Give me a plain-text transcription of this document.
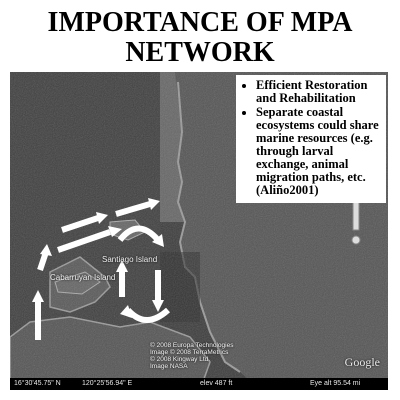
IMPORTANCE OF MPA
NETWORK
• Efficient Restoration and Rehabilitation
• Separate coastal ecosystems could share marine resources (e.g. through larval exchange, animal migration paths, etc. (Aliño2001)
Santiago Island
Cabarruyan Island
© 2008 Europa Technologies
Image © 2008 TerraMetrics
© 2008 Kingway Ltd.
Image NASA	Google
16°30'45.75" N	120°25'56.94" E	elev 487 ft	Eye alt 95.54 mi
